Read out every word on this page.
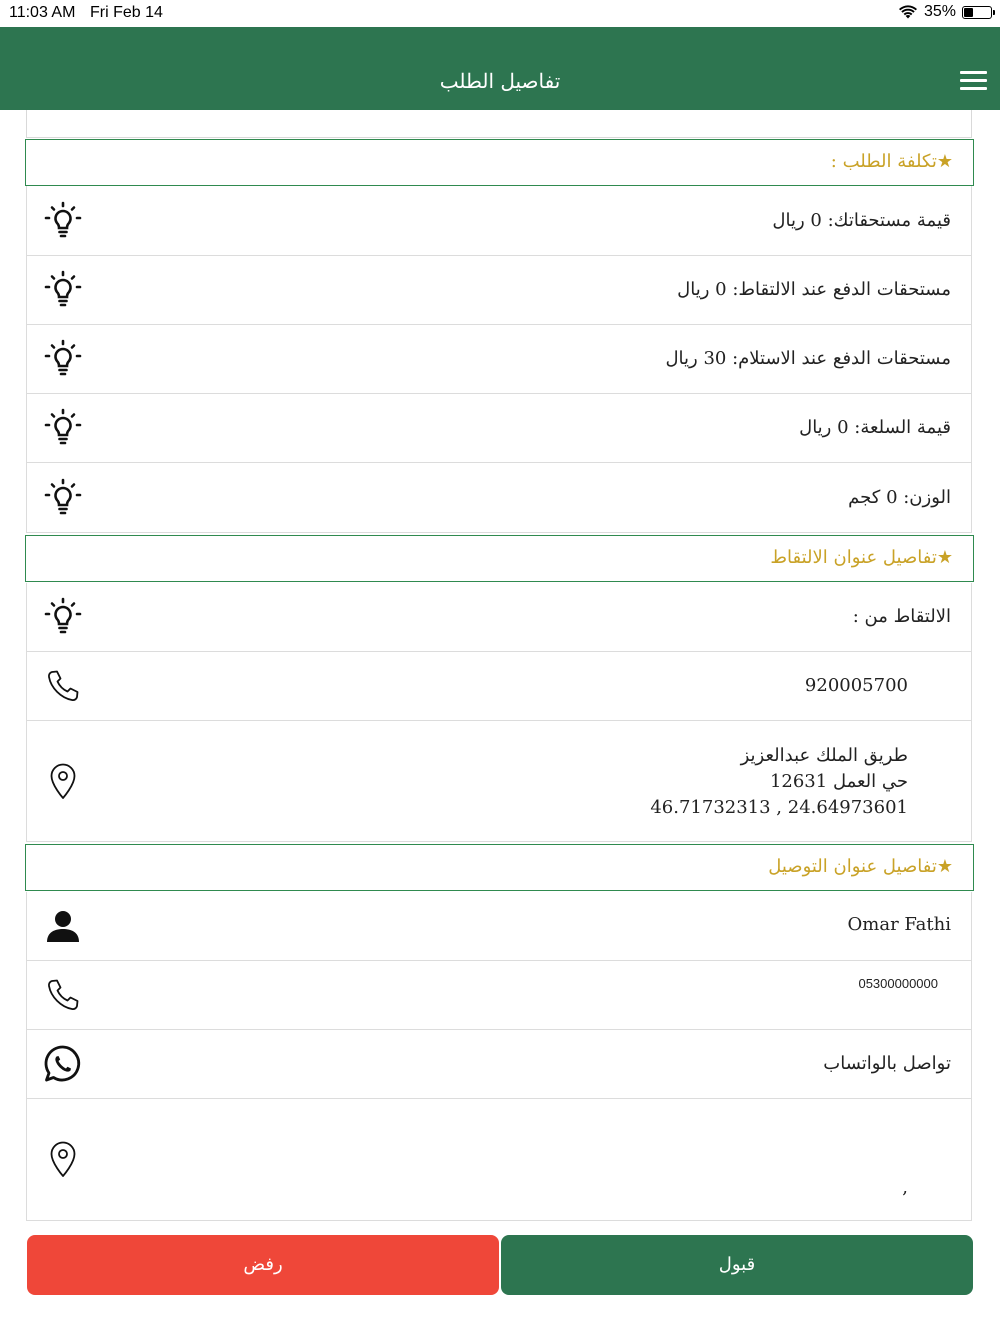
11:03 AM Fri Feb 14	35%
تفاصيل الطلب
★تكلفة الطلب :
قيمة مستحقاتك: 0 ريال
مستحقات الدفع عند الالتقاط: 0 ريال
مستحقات الدفع عند الاستلام: 30 ريال
قيمة السلعة: 0 ريال
الوزن: 0 كجم
★تفاصيل عنوان الالتقاط
الالتقاط من :
920005700
طريق الملك عبدالعزيز
حي العمل 12631
46.71732313 , 24.64973601
★تفاصيل عنوان التوصيل
Omar Fathi
05300000000
تواصل بالواتساب
,
رفض	قبول
